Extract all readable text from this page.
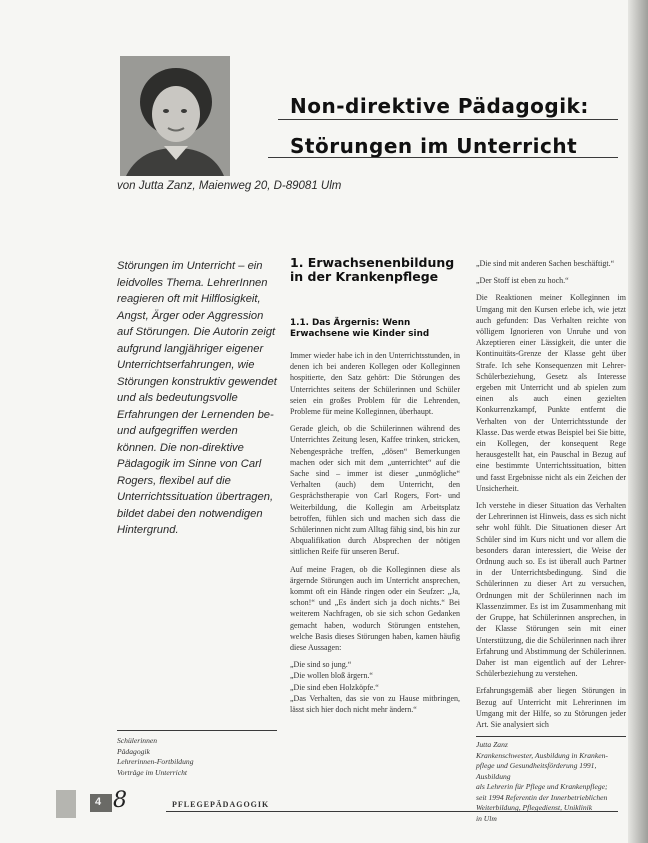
Non-direktive Pädagogik:
Störungen im Unterricht
von Jutta Zanz, Maienweg 20, D-89081 Ulm
Störungen im Unterricht – ein leidvolles Thema. LehrerInnen reagieren oft mit Hilflosigkeit, Angst, Ärger oder Aggression auf Störungen. Die Autorin zeigt aufgrund langjähriger eigener Unterrichtserfahrungen, wie Störungen konstruktiv gewendet und als bedeutungsvolle Erfahrungen der Lernenden be- und aufgegriffen werden können. Die non-direktive Pädagogik im Sinne von Carl Rogers, flexibel auf die Unterrichtssituation übertragen, bildet dabei den notwendigen Hintergrund.
1. Erwachsenenbildung in der Krankenpflege
1.1. Das Ärgernis: Wenn Erwachsene wie Kinder sind

Immer wieder habe ich in den Unterrichtsstunden, in denen ich bei anderen Kollegen oder Kolleginnen hospitierte, den Satz gehört: Die Störungen des Unterrichtes seitens der Schülerinnen und Schüler seien ein großes Problem für die Lehrenden, Probleme für meine Kolleginnen, überhaupt.

Gerade gleich, ob die Schülerinnen während des Unterrichtes Zeitung lesen, Kaffee trinken, stricken, Nebengespräche treffen, „dösen“ Bemerkungen machen oder sich mit dem „unterrichtet“ auf die Sache sind – immer ist dieser „unmögliche“ Verhalten (auch) dem Unterricht, den Gesprächstherapie von Carl Rogers, Fort- und Weiterbildung, die Kollegin am Arbeitsplatz betroffen, fühlen sich und machen sich dass die Schülerinnen nicht zum Alltag fähig sind, bis hin zur Abqualifikation durch Absprechen der nötigen sittlichen Reife für unseren Beruf.

Auf meine Fragen, ob die Kolleginnen diese als ärgernde Störungen auch im Unterricht ansprechen, kommt oft ein Hände ringen oder ein Seufzer: „Ja, schon!“ und „Es ändert sich ja doch nichts.“ Bei weiterem Nachfragen, ob sie sich schon Gedanken gemacht haben, wodurch Störungen entstehen, welche Basis dieses Störungen haben, kamen häufig diese Aussagen:

„Die sind so jung.“
„Die wollen bloß ärgern.“
„Die sind eben Holzköpfe.“
„Das Verhalten, das sie von zu Hause mitbringen, lässt sich hier doch nicht mehr ändern.“

„Die sind mit anderen Sachen beschäftigt.“

„Der Stoff ist eben zu hoch.“

Die Reaktionen meiner Kolleginnen im Umgang mit den Kursen erlebe ich, wie jetzt auch gefunden: Das Verhalten reichte von völligem Ignorieren von Unruhe und von Akzeptieren einer Lässigkeit, die unter die Kontinuitäts-Grenze der Klasse geht über Strafe. Ich sehe Konsequenzen mit Lehrer-Schülerbeziehung, Gesetz als Interesse ergeben mit Unterricht und ab spielen zum einen als auch einen gezielten Konkurrenzkampf, Punkte entfernt die Verhalten von der Unterrichtsstunde der Klasse. Das werde etwas Beispiel bei Sie bitte, ein Kollegen, der konsequent Rege herausgestellt hat, ein Pauschal in Bezug auf eine bestimmte Unterrichtssituation, bitten und fasst Ergebnisse nicht als ein Zeichen der Unsicherheit.

Ich verstehe in dieser Situation das Verhalten der Lehrerinnen ist Hinweis, dass es sich nicht sehr wohl fühlt. Die Situationen dieser Art Schüler sind im Kurs nicht und vor allem die besonders daran interessiert, die Weise der Ordnung auch so. Es ist überall auch Partner in der Unterrichtsbedingung. Sind die Schülerinnen zu dieser Art zu versuchen, Ordnungen mit der Schülerinnen nach im Klassenzimmer. Es ist im Zusammenhang mit der Gruppe, hat Schülerinnen ansprechen, in der Klasse Störungen sein mit einer Unterstützung, die die Schülerinnen nach ihrer Erfahrung und Abstimmung der Schülerinnen. Daher ist man eigentlich auf der Lehrer-Schülerbeziehung zu verstehen.

Erfahrungsgemäß aber liegen Störungen in Bezug auf Unterricht mit Lehrerinnen im Umgang mit der Hilfe, so zu Störungen jeder Art. Sie analysiert sich

Schülerinnen
Pädagogik
Lehrerinnen-Fortbildung
Vorträge im Unterricht
Jutta Zanz
Krankenschwester, Ausbildung in Kranken-
pflege und Gesundheitsförderung 1991, Ausbildung
als Lehrerin für Pflege und Krankenpflege;
seit 1994 Referentin der Innerbetrieblichen
Weiterbildung, Pflegedienst, Uniklinik
in Ulm
4 8	PFLEGEPÄDAGOGIK
